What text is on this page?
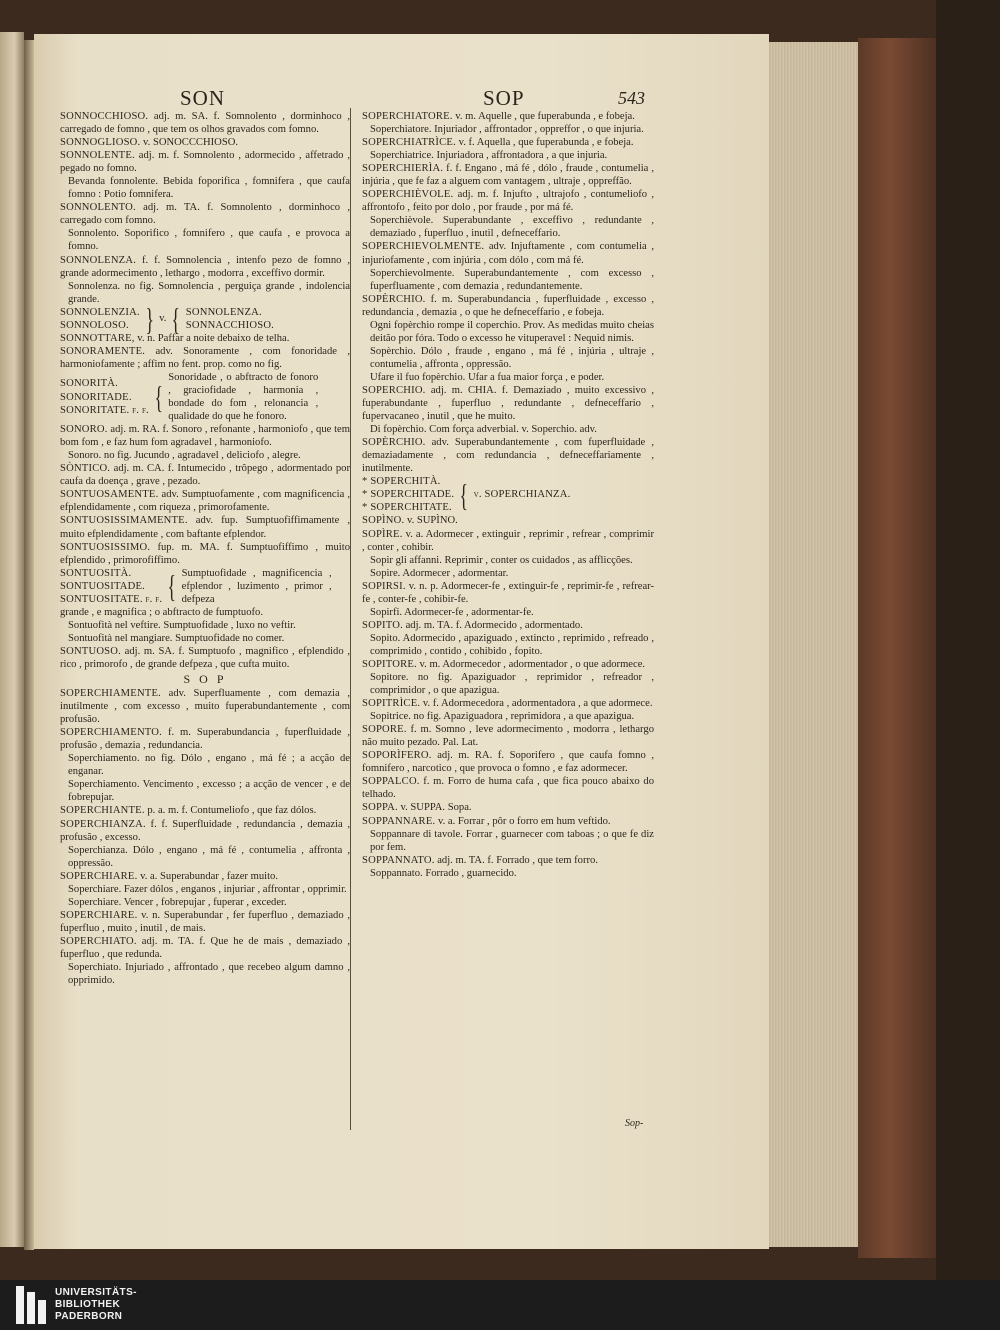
SON	SOP	543

SONNOCCHIOSO. adj. m. SA. f. Somnolento , dorminhoco , carregado de fomno , que tem os olhos gravados com fomno.

SONNOGLIOSO. v. SONOCCCHIOSO.

SONNOLENTE. adj. m. f. Somnolento , adormecido , affetrado , pegado no fomno.

Bevanda fonnolente. Bebida foporifica , fomnifera , que caufa fomno : Potio fomnifera.

SONNOLENTO. adj. m. TA. f. Somnolento , dorminhoco , carregado com fomno.

Sonnolento. Soporifico , fomnifero , que caufa , e provoca a fomno.

SONNOLENZA. f. f. Somnolencia , intenfo pezo de fomno , grande adormecimento , lethargo , modorra , exceffivo dormir.

Sonnolenza. no fig. Somnolencia , perguiça grande , indolencia grande.

SONNOLENZIA.
SONNOLOSO. } v. { SONNOLENZA. SONNACCHIOSO.

SONNOTTARE, v. n. Paffar a noite debaixo de telha.

SONORAMENTE. adv. Sonoramente , com fonoridade , harmoniofamente ; affim no fent. prop. como no fig.

SONORITÀ.
SONORITADE.
SONORITATE. f. f. {
Sonoridade , o abftracto de fonoro , graciofidade , harmonia , bondade do fom , relonancia , qualidade do que he fonoro.

SONORO. adj. m. RA. f. Sonoro , refonante , harmoniofo , que tem bom fom , e faz hum fom agradavel , harmoniofo.

Sonoro. no fig. Jucundo , agradavel , deliciofo , alegre.

SÒNTICO. adj. m. CA. f. Intumecido , trôpego , adormentado por caufa da doença , grave , pezado.

SONTUOSAMENTE. adv. Sumptuofamente , com magnificencia , efplendidamente , com riqueza , primorofamente.

SONTUOSISSIMAMENTE. adv. fup. Sumptuofiffimamente , muito efplendidamente , com baftante efplendor.

SONTUOSISSIMO. fup. m. MA. f. Sumptuofiffimo , muito efplendido , primorofiffimo.

SONTUOSITÀ.
SONTUOSITADE.
SONTUOSITATE. f. f. { Sumptuofidade , magnificencia , efplendor , luzimento , primor , defpeza

grande , e magnifica ; o abftracto de fumptuofo.

Sontuofità nel veftire. Sumptuofidade , luxo no veftir.

Sontuofità nel mangiare. Sumptuofidade no comer.

SONTUOSO. adj. m. SA. f. Sumptuofo , magnifico , efplendido , rico , primorofo , de grande defpeza , que cufta muito.

S O P

SOPERCHIAMENTE. adv. Superfluamente , com demazia , inutilmente , com excesso , muito fuperabundantemente , com profusão.

SOPERCHIAMENTO. f. m. Superabundancia , fuperfluidade , profusão , demazia , redundancia.

Soperchiamento. no fig. Dólo , engano , má fé ; a acção de enganar.

Soperchiamento. Vencimento , excesso ; a acção de vencer , e de fobrepujar.

SOPERCHIANTE. p. a. m. f. Contumeliofo , que faz dólos.

SOPERCHIANZA. f. f. Superfluidade , redundancia , demazia , profusão , excesso.

Soperchianza. Dólo , engano , má fé , contumelia , affronta , oppressão.

SOPERCHIARE. v. a. Superabundar , fazer muito.

Soperchiare. Fazer dólos , enganos , injuriar , affrontar , opprimir.

Soperchiare. Vencer , fobrepujar , fuperar , exceder.

SOPERCHIARE. v. n. Superabundar , fer fuperfluo , demaziado , fuperfluo , muito , inutil , de mais.

SOPERCHIATO. adj. m. TA. f. Que he de mais , demaziado , fuperfluo , que redunda.

Soperchiato. Injuriado , affrontado , que recebeo algum damno , opprimido.

SOPERCHIATORE. v. m. Aquelle , que fuperabunda , e fobeja.

Soperchiatore. Injuriador , affrontador , oppreffor , o que injuria.

SOPERCHIATRÌCE. v. f. Aquella , que fuperabunda , e fobeja.

Soperchiatrice. Injuriadora , affrontadora , a que injuria.

SOPERCHIERÌA. f. f. Engano , má fé , dólo , fraude , contumelia , injúria , que fe faz a alguem com vantagem , ultraje , oppreffão.

SOPERCHIÈVOLE. adj. m. f. Injufto , ultrajofo , contumeliofo , affrontofo , feito por dolo , por fraude , por má fé.

Soperchièvole. Superabundante , exceffivo , redundante , demaziado , fuperfluo , inutil , defneceffario.

SOPERCHIEVOLMENTE. adv. Injuftamente , com contumelia , injuriofamente , com injúria , com dólo , com má fé.

Soperchievolmente. Superabundantemente , com excesso , fuperfluamente , com demazia , redundantemente.

SOPÈRCHIO. f. m. Superabundancia , fuperfluidade , excesso , redundancia , demazia , o que he defneceffario , e fobeja.

Ogni fopèrchio rompe il coperchio. Prov. As medidas muito cheias deitão por fóra. Todo o excesso he vituperavel : Nequid nimis.

Sopèrchio. Dólo , fraude , engano , má fé , injúria , ultraje , contumelia , affronta , oppressão.

Ufare il fuo fopèrchio. Ufar a fua maior força , e poder.

SOPERCHIO. adj. m. CHIA. f. Demaziado , muito excessivo , fuperabundante , fuperfluo , redundante , defneceffario , fupervacaneo , inutil , que he muito.

Di fopèrchio. Com força adverbial. v. Soperchio. adv.

SOPÈRCHIO. adv. Superabundantemente , com fuperfluidade , demaziadamente , com redundancia , defneceffariamente , inutilmente.

* SOPERCHITÀ.
* SOPERCHITADE.
* SOPERCHITATE. { v. SOPERCHIANZA.

SOPÌNO. v. SUPÌNO.

SOPÌRE. v. a. Adormecer , extinguir , reprimir , refrear , comprimir , conter , cohibir.

Sopir gli affanni. Reprimir , conter os cuidados , as afflicções.

Sopire. Adormecer , adormentar.

SOPIRSI. v. n. p. Adormecer-fe , extinguir-fe , reprimir-fe , refrear-fe , conter-fe , cohibir-fe.

Sopirfi. Adormecer-fe , adormentar-fe.

SOPITO. adj. m. TA. f. Adormecido , adormentado.

Sopito. Adormecido , apaziguado , extincto , reprimido , refreado , comprimido , contido , cohibido , fopito.

SOPITORE. v. m. Adormecedor , adormentador , o que adormece.

Sopitore. no fig. Apaziguador , reprimidor , refreador , comprimidor , o que apazigua.

SOPITRÌCE. v. f. Adormecedora , adormentadora , a que adormece.

Sopitrice. no fig. Apaziguadora , reprimidora , a que apazigua.

SOPORE. f. m. Somno , leve adormecimento , modorra , lethargo não muito pezado. Pal. Lat.

SOPORÌFERO. adj. m. RA. f. Soporifero , que caufa fomno , fomnifero , narcotico , que provoca o fomno , e faz adormecer.

SOPPALCO. f. m. Forro de huma cafa , que fica pouco abaixo do telhado.

SOPPA. v. SUPPA. Sopa.

SOPPANNARE. v. a. Forrar , pôr o forro em hum veftido.

Soppannare di tavole. Forrar , guarnecer com taboas ; o que fe diz por fem.

SOPPANNATO. adj. m. TA. f. Forrado , que tem forro.

Soppannato. Forrado , guarnecido.

Sop-
UNIVERSITÄTS-
BIBLIOTHEK
PADERBORN
